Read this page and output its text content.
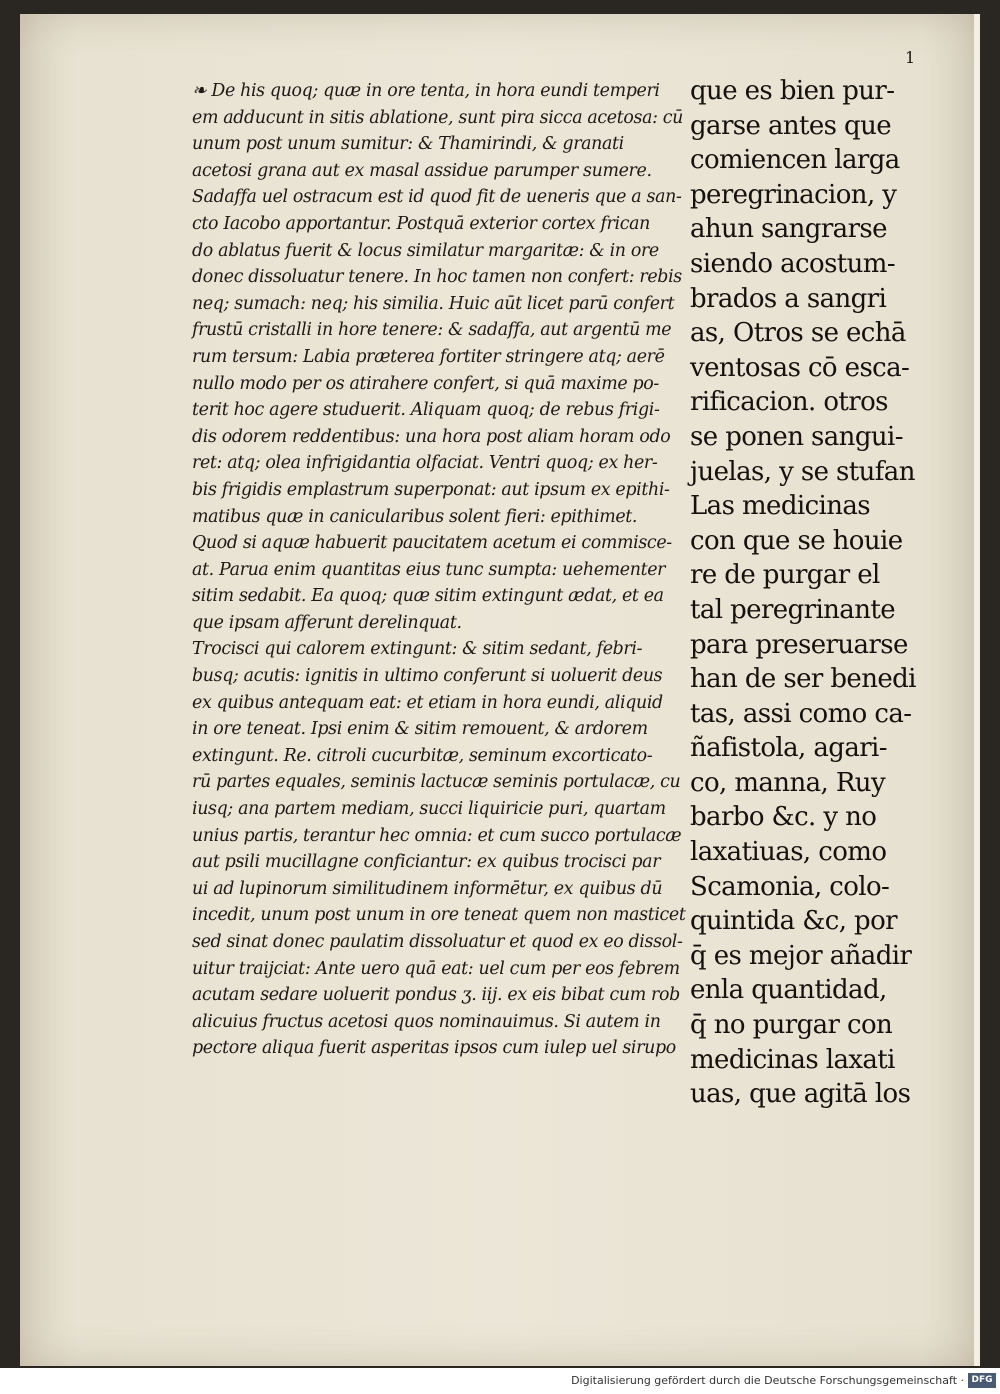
1
❧ De his quoq; quæ in ore tenta, in hora eundi temperi
em adducunt in sitis ablatione, sunt pira sicca acetosa: cū
unum post unum sumitur: & Thamirindi, & granati
acetosi grana aut ex masal assidue parumper sumere.
Sadaffa uel ostracum est id quod fit de ueneris que a san-
cto Iacobo apportantur. Postquā exterior cortex frican
do ablatus fuerit & locus similatur margaritæ: & in ore
donec dissoluatur tenere. In hoc tamen non confert: rebis
neq; sumach: neq; his similia. Huic aūt licet parū confert
frustū cristalli in hore tenere: & sadaffa, aut argentū me
rum tersum: Labia præterea fortiter stringere atq; aerē
nullo modo per os atirahere confert, si quā maxime po-
terit hoc agere studuerit. Aliquam quoq; de rebus frigi-
dis odorem reddentibus: una hora post aliam horam odo
ret: atq; olea infrigidantia olfaciat. Ventri quoq; ex her-
bis frigidis emplastrum superponat: aut ipsum ex epithi-
matibus quæ in canicularibus solent fieri: epithimet.
Quod si aquæ habuerit paucitatem acetum ei commisce-
at. Parua enim quantitas eius tunc sumpta: uehementer
sitim sedabit. Ea quoq; quæ sitim extingunt ædat, et ea
que ipsam afferunt derelinquat.
Trocisci qui calorem extingunt: & sitim sedant, febri-
busq; acutis: ignitis in ultimo conferunt si uoluerit deus
ex quibus antequam eat: et etiam in hora eundi, aliquid
in ore teneat. Ipsi enim & sitim remouent, & ardorem
extingunt. Re. citroli cucurbitæ, seminum excorticato-
rū partes equales, seminis lactucæ seminis portulacæ, cu
iusq; ana partem mediam, succi liquiricie puri, quartam
unius partis, terantur hec omnia: et cum succo portulacæ
aut psili mucillagne conficiantur: ex quibus trocisci par
ui ad lupinorum similitudinem informētur, ex quibus dū
incedit, unum post unum in ore teneat quem non masticet
sed sinat donec paulatim dissoluatur et quod ex eo dissol-
uitur traijciat: Ante uero quā eat: uel cum per eos febrem
acutam sedare uoluerit pondus ʒ. iij. ex eis bibat cum rob
alicuius fructus acetosi quos nominauimus. Si autem in
pectore aliqua fuerit asperitas ipsos cum iulep uel sirupo
que es bien pur-
garse antes que
comiencen larga
peregrinacion, y
ahun sangrarse
siendo acostum-
brados a sangri
as, Otros se echā
ventosas cō esca-
rificacion. otros
se ponen sangui-
juelas, y se stufan
Las medicinas
con que se houie
re de purgar el
tal peregrinante
para preseruarse
han de ser benedi
tas, assi como ca-
ñafistola, agari-
co, manna, Ruy
barbo &c. y no
laxatiuas, como
Scamonia, colo-
quintida &c, por
q̄ es mejor añadir
enla quantidad,
q̄ no purgar con
medicinas laxati
uas, que agitā los
Digitalisierung gefördert durch die Deutsche Forschungsgemeinschaft · DFG
